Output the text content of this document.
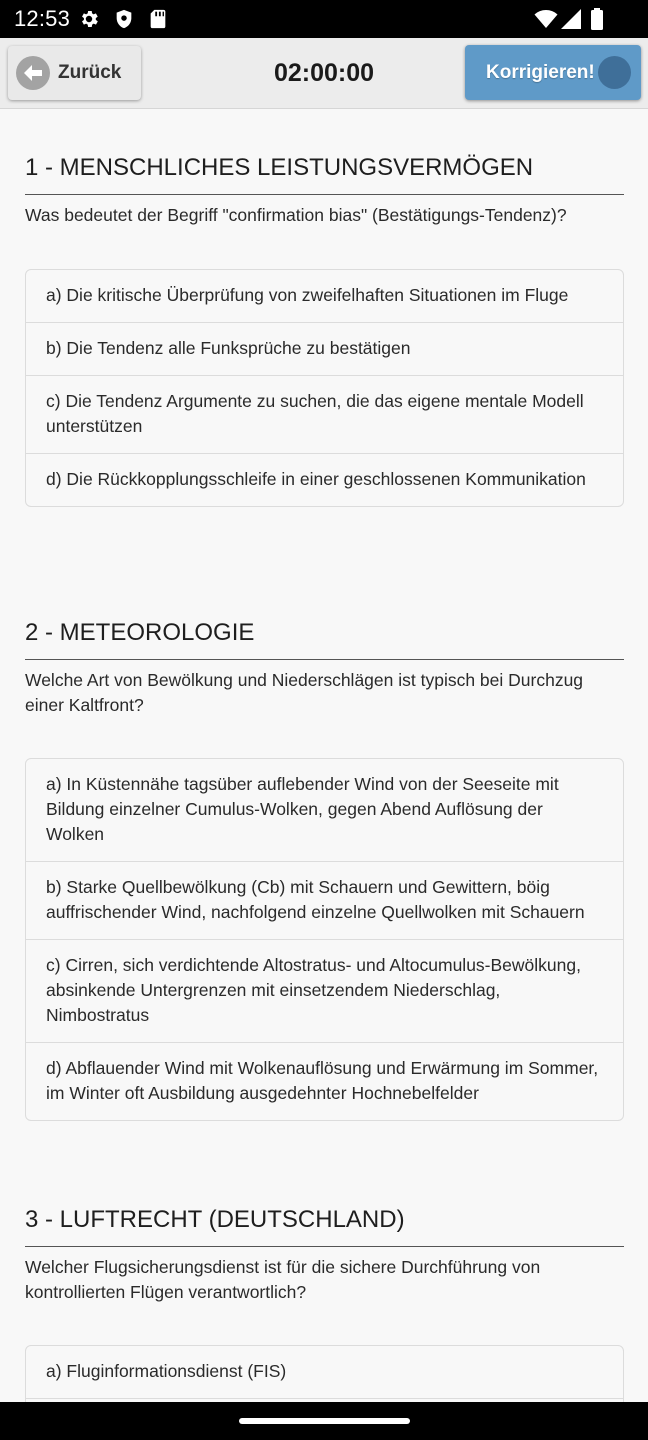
12:53
Zurück	02:00:00	Korrigieren!
1 - MENSCHLICHES LEISTUNGSVERMÖGEN
Was bedeutet der Begriff "confirmation bias" (Bestätigungs-Tendenz)?
a) Die kritische Überprüfung von zweifelhaften Situationen im Fluge
b) Die Tendenz alle Funksprüche zu bestätigen
c) Die Tendenz Argumente zu suchen, die das eigene mentale Modell unterstützen
d) Die Rückkopplungsschleife in einer geschlossenen Kommunikation
2 - METEOROLOGIE
Welche Art von Bewölkung und Niederschlägen ist typisch bei Durchzug einer Kaltfront?
a) In Küstennähe tagsüber auflebender Wind von der Seeseite mit Bildung einzelner Cumulus-Wolken, gegen Abend Auflösung der Wolken
b) Starke Quellbewölkung (Cb) mit Schauern und Gewittern, böig auffrischender Wind, nachfolgend einzelne Quellwolken mit Schauern
c) Cirren, sich verdichtende Altostratus- und Altocumulus-Bewölkung, absinkende Untergrenzen mit einsetzendem Niederschlag, Nimbostratus
d) Abflauender Wind mit Wolkenauflösung und Erwärmung im Sommer, im Winter oft Ausbildung ausgedehnter Hochnebelfelder
3 - LUFTRECHT (DEUTSCHLAND)
Welcher Flugsicherungsdienst ist für die sichere Durchführung von kontrollierten Flügen verantwortlich?
a) Fluginformationsdienst (FIS)
